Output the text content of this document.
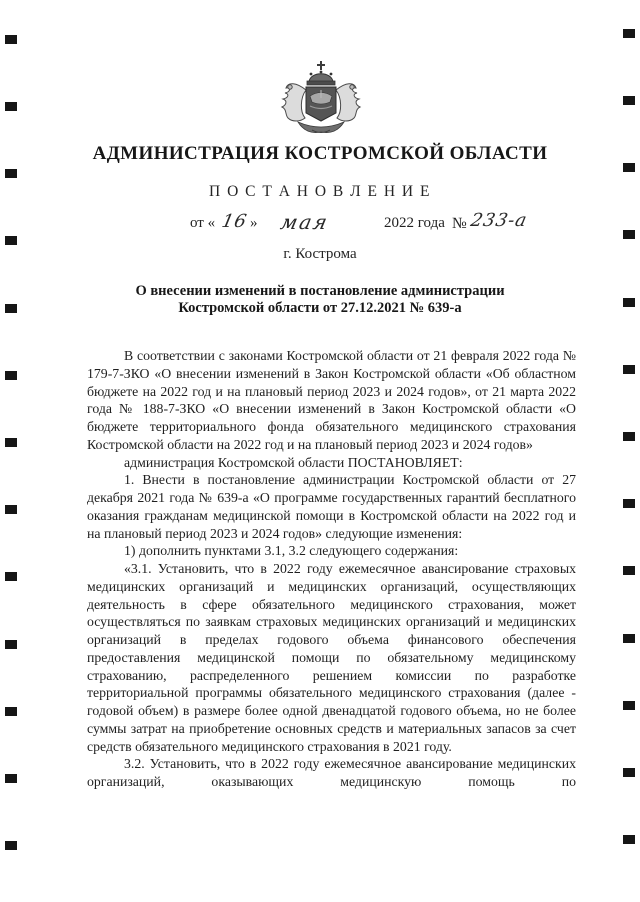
АДМИНИСТРАЦИЯ КОСТРОМСКОЙ ОБЛАСТИ
П О С Т А Н О В Л Е Н И Е
от « 16 » мая	2022 года № 233-а
г. Кострома
О внесении изменений в постановление администрации
Костромской области от 27.12.2021 № 639-а

В соответствии с законами Костромской области от 21 февраля 2022 года № 179-7-ЗКО «О внесении изменений в Закон Костромской области «Об областном бюджете на 2022 год и на плановый период 2023 и 2024 годов», от 21 марта 2022 года № 188-7-ЗКО «О внесении изменений в Закон Костромской области «О бюджете территориального фонда обязательного медицинского страхования Костромской области на 2022 год и на плановый период 2023 и 2024 годов»

администрация Костромской области ПОСТАНОВЛЯЕТ:

1. Внести в постановление администрации Костромской области от 27 декабря 2021 года № 639-а «О программе государственных гарантий бесплатного оказания гражданам медицинской помощи в Костромской области на 2022 год и на плановый период 2023 и 2024 годов» следующие изменения:

1) дополнить пунктами 3.1, 3.2 следующего содержания:

«3.1. Установить, что в 2022 году ежемесячное авансирование страховых медицинских организаций и медицинских организаций, осуществляющих деятельность в сфере обязательного медицинского страхования, может осуществляться по заявкам страховых медицинских организаций и медицинских организаций в пределах годового объема финансового обеспечения предоставления медицинской помощи по обязательному медицинскому страхованию, распределенного решением комиссии по разработке территориальной программы обязательного медицинского страхования (далее - годовой объем) в размере более одной двенадцатой годового объема, но не более суммы затрат на приобретение основных средств и материальных запасов за счет средств обязательного медицинского страхования в 2021 году.

3.2. Установить, что в 2022 году ежемесячное авансирование медицинских организаций, оказывающих медицинскую помощь по
